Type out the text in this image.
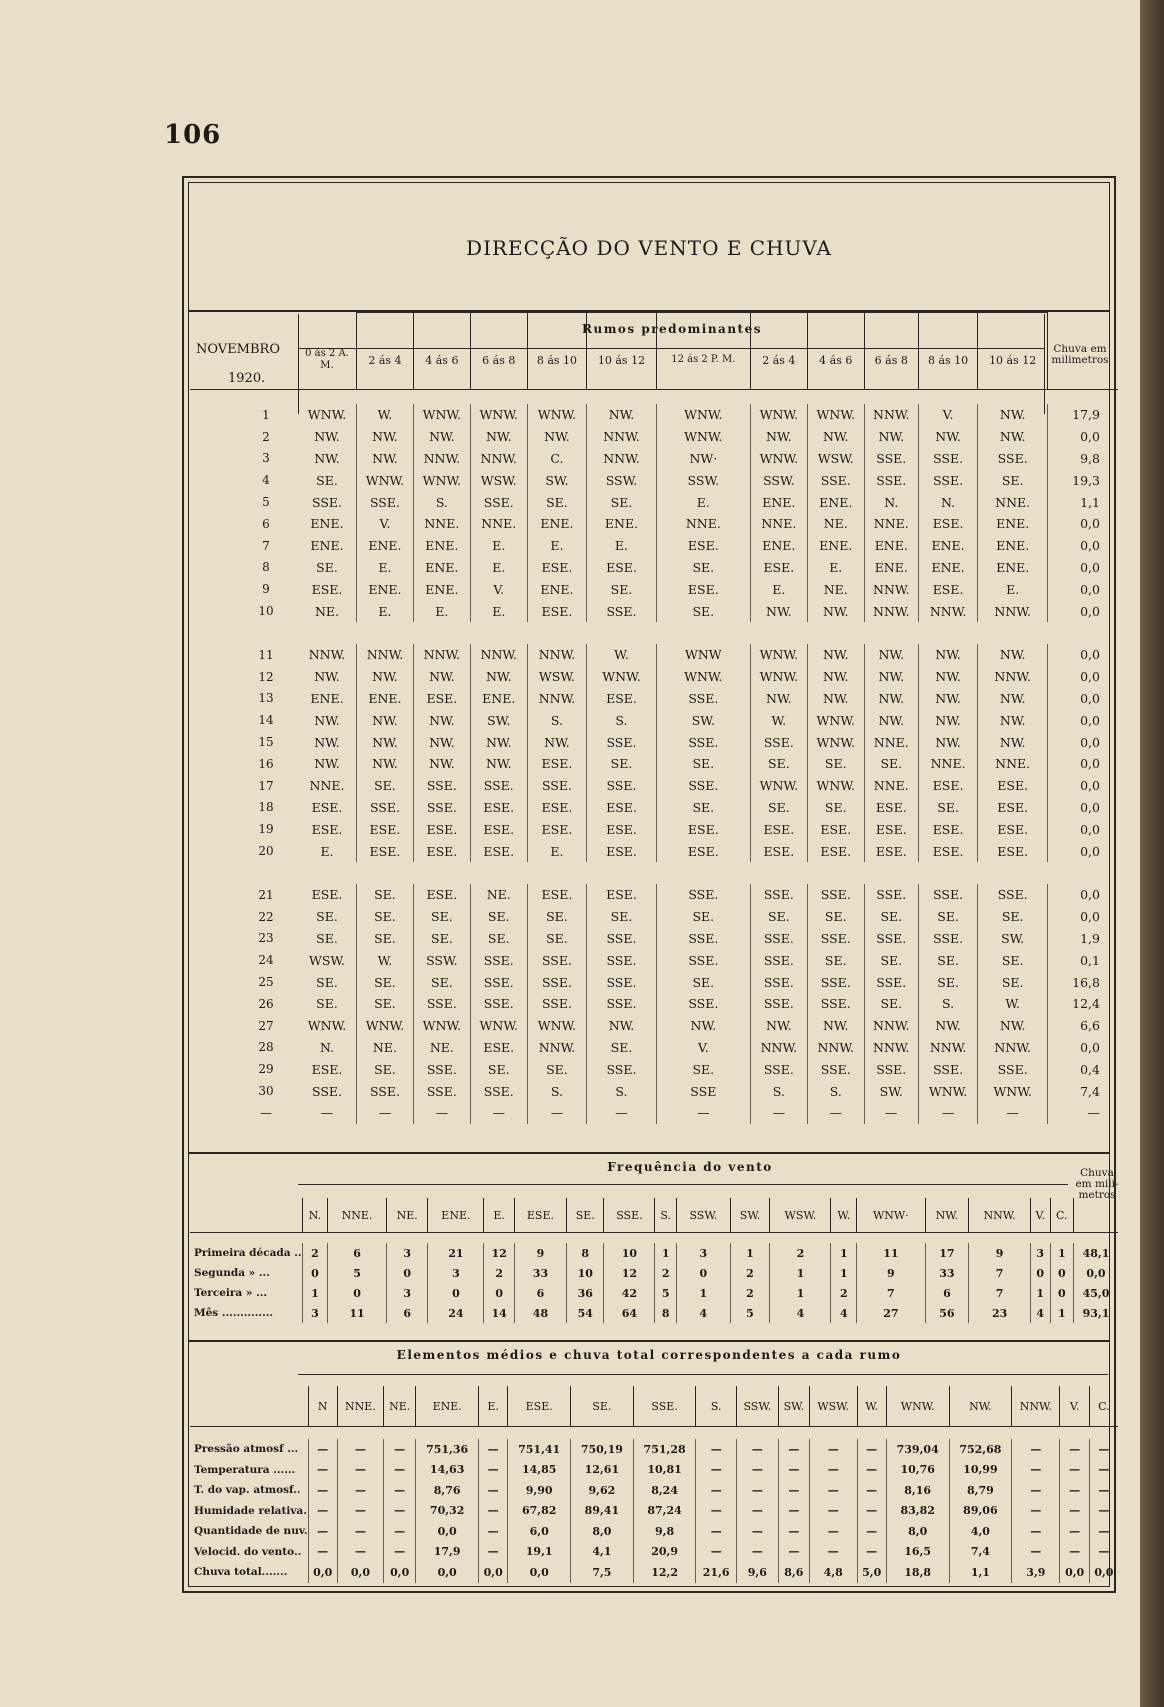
106
DIRECÇÃO DO VENTO E CHUVA
NOVEMBRO
1920.
Rumos predominantes
Chuva em milimetros
	0 ás 2 A. M.	2 ás 4	4 ás 6	6 ás 8	8 ás 10	10 ás 12	12 ás 2 P. M.	2 ás 4	4 ás 6	6 ás 8	8 ás 10	10 ás 12	

1	WNW.	W.	WNW.	WNW.	WNW.	NW.	WNW.	WNW.	WNW.	NNW.	V.	NW.	17,9
2	NW.	NW.	NW.	NW.	NW.	NNW.	WNW.	NW.	NW.	NW.	NW.	NW.	0,0
3	NW.	NW.	NNW.	NNW.	C.	NNW.	NW·	WNW.	WSW.	SSE.	SSE.	SSE.	9,8
4	SE.	WNW.	WNW.	WSW.	SW.	SSW.	SSW.	SSW.	SSE.	SSE.	SSE.	SE.	19,3
5	SSE.	SSE.	S.	SSE.	SE.	SE.	E.	ENE.	ENE.	N.	N.	NNE.	1,1
6	ENE.	V.	NNE.	NNE.	ENE.	ENE.	NNE.	NNE.	NE.	NNE.	ESE.	ENE.	0,0
7	ENE.	ENE.	ENE.	E.	E.	E.	ESE.	ENE.	ENE.	ENE.	ENE.	ENE.	0,0
8	SE.	E.	ENE.	E.	ESE.	ESE.	SE.	ESE.	E.	ENE.	ENE.	ENE.	0,0
9	ESE.	ENE.	ENE.	V.	ENE.	SE.	ESE.	E.	NE.	NNW.	ESE.	E.	0,0
10	NE.	E.	E.	E.	ESE.	SSE.	SE.	NW.	NW.	NNW.	NNW.	NNW.	0,0

11	NNW.	NNW.	NNW.	NNW.	NNW.	W.	WNW	WNW.	NW.	NW.	NW.	NW.	0,0
12	NW.	NW.	NW.	NW.	WSW.	WNW.	WNW.	WNW.	NW.	NW.	NW.	NNW.	0,0
13	ENE.	ENE.	ESE.	ENE.	NNW.	ESE.	SSE.	NW.	NW.	NW.	NW.	NW.	0,0
14	NW.	NW.	NW.	SW.	S.	S.	SW.	W.	WNW.	NW.	NW.	NW.	0,0
15	NW.	NW.	NW.	NW.	NW.	SSE.	SSE.	SSE.	WNW.	NNE.	NW.	NW.	0,0
16	NW.	NW.	NW.	NW.	ESE.	SE.	SE.	SE.	SE.	SE.	NNE.	NNE.	0,0
17	NNE.	SE.	SSE.	SSE.	SSE.	SSE.	SSE.	WNW.	WNW.	NNE.	ESE.	ESE.	0,0
18	ESE.	SSE.	SSE.	ESE.	ESE.	ESE.	SE.	SE.	SE.	ESE.	SE.	ESE.	0,0
19	ESE.	ESE.	ESE.	ESE.	ESE.	ESE.	ESE.	ESE.	ESE.	ESE.	ESE.	ESE.	0,0
20	E.	ESE.	ESE.	ESE.	E.	ESE.	ESE.	ESE.	ESE.	ESE.	ESE.	ESE.	0,0

21	ESE.	SE.	ESE.	NE.	ESE.	ESE.	SSE.	SSE.	SSE.	SSE.	SSE.	SSE.	0,0
22	SE.	SE.	SE.	SE.	SE.	SE.	SE.	SE.	SE.	SE.	SE.	SE.	0,0
23	SE.	SE.	SE.	SE.	SE.	SSE.	SSE.	SSE.	SSE.	SSE.	SSE.	SW.	1,9
24	WSW.	W.	SSW.	SSE.	SSE.	SSE.	SSE.	SSE.	SE.	SE.	SE.	SE.	0,1
25	SE.	SE.	SE.	SSE.	SSE.	SSE.	SE.	SSE.	SSE.	SSE.	SE.	SE.	16,8
26	SE.	SE.	SSE.	SSE.	SSE.	SSE.	SSE.	SSE.	SSE.	SE.	S.	W.	12,4
27	WNW.	WNW.	WNW.	WNW.	WNW.	NW.	NW.	NW.	NW.	NNW.	NW.	NW.	6,6
28	N.	NE.	NE.	ESE.	NNW.	SE.	V.	NNW.	NNW.	NNW.	NNW.	NNW.	0,0
29	ESE.	SE.	SSE.	SE.	SE.	SSE.	SE.	SSE.	SSE.	SSE.	SSE.	SSE.	0,4
30	SSE.	SSE.	SSE.	SSE.	S.	S.	SSE	S.	S.	SW.	WNW.	WNW.	7,4
—	—	—	—	—	—	—	—	—	—	—	—	—	—
Frequência do vento	Chuva em mili- metros
	N.	NNE.	NE.	ENE.	E.	ESE.	SE.	SSE.	S.	SSW.	SW.	WSW.	W.	WNW·	NW.	NNW.	V.	C.	

Primeira década ..	2	6	3	21	12	9	8	10	1	3	1	2	1	11	17	9	3	1	48,1
Segunda » ...	0	5	0	3	2	33	10	12	2	0	2	1	1	9	33	7	0	0	0,0
Terceira » ...	1	0	3	0	0	6	36	42	5	1	2	1	2	7	6	7	1	0	45,0
Mês ..............	3	11	6	24	14	48	54	64	8	4	5	4	4	27	56	23	4	1	93,1
Elementos médios e chuva total correspondentes a cada rumo
	N	NNE.	NE.	ENE.	E.	ESE.	SE.	SSE.	S.	SSW.	SW.	WSW.	W.	WNW.	NW.	NNW.	V.	C.

Pressão atmosf ...	—	—	—	751,36	—	751,41	750,19	751,28	—	—	—	—	—	739,04	752,68	—	—	—
Temperatura ......	—	—	—	14,63	—	14,85	12,61	10,81	—	—	—	—	—	10,76	10,99	—	—	—
T. do vap. atmosf..	—	—	—	8,76	—	9,90	9,62	8,24	—	—	—	—	—	8,16	8,79	—	—	—
Humidade relativa.	—	—	—	70,32	—	67,82	89,41	87,24	—	—	—	—	—	83,82	89,06	—	—	—
Quantidade de nuv.	—	—	—	0,0	—	6,0	8,0	9,8	—	—	—	—	—	8,0	4,0	—	—	—
Velocid. do vento..	—	—	—	17,9	—	19,1	4,1	20,9	—	—	—	—	—	16,5	7,4	—	—	—
Chuva total.......	0,0	0,0	0,0	0,0	0,0	0,0	7,5	12,2	21,6	9,6	8,6	4,8	5,0	18,8	1,1	3,9	0,0	0,0
